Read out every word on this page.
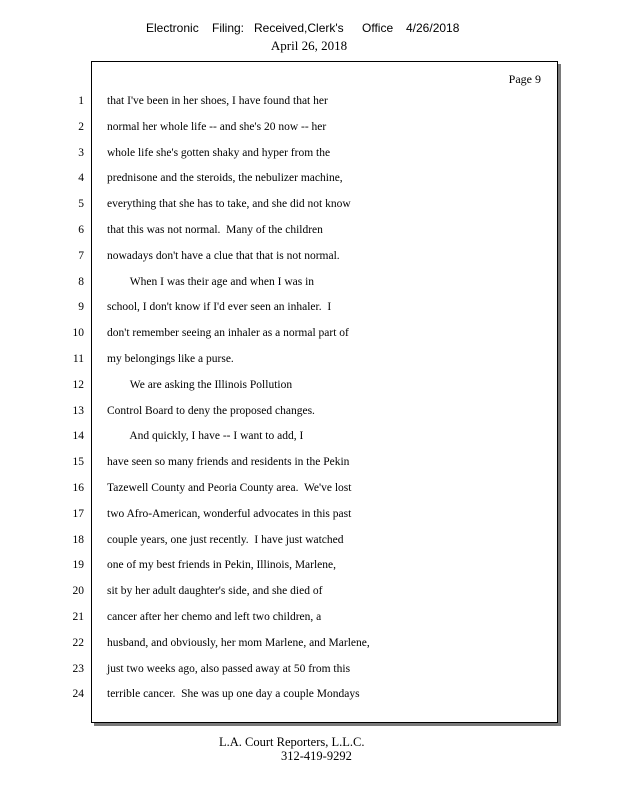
Electronic Filing: Received,Clerk's Office 4/26/2018
April 26, 2018
Page 9
1 that I've been in her shoes, I have found that her
2 normal her whole life -- and she's 20 now -- her
3 whole life she's gotten shaky and hyper from the
4 prednisone and the steroids, the nebulizer machine,
5 everything that she has to take, and she did not know
6 that this was not normal.  Many of the children
7 nowadays don't have a clue that that is not normal.
8 When I was their age and when I was in
9 school, I don't know if I'd ever seen an inhaler.  I
10 don't remember seeing an inhaler as a normal part of
11 my belongings like a purse.
12 We are asking the Illinois Pollution
13 Control Board to deny the proposed changes.
14 And quickly, I have -- I want to add, I
15 have seen so many friends and residents in the Pekin
16 Tazewell County and Peoria County area.  We've lost
17 two Afro-American, wonderful advocates in this past
18 couple years, one just recently.  I have just watched
19 one of my best friends in Pekin, Illinois, Marlene,
20 sit by her adult daughter's side, and she died of
21 cancer after her chemo and left two children, a
22 husband, and obviously, her mom Marlene, and Marlene,
23 just two weeks ago, also passed away at 50 from this
24 terrible cancer.  She was up one day a couple Mondays
L.A. Court Reporters, L.L.C.
312-419-9292
